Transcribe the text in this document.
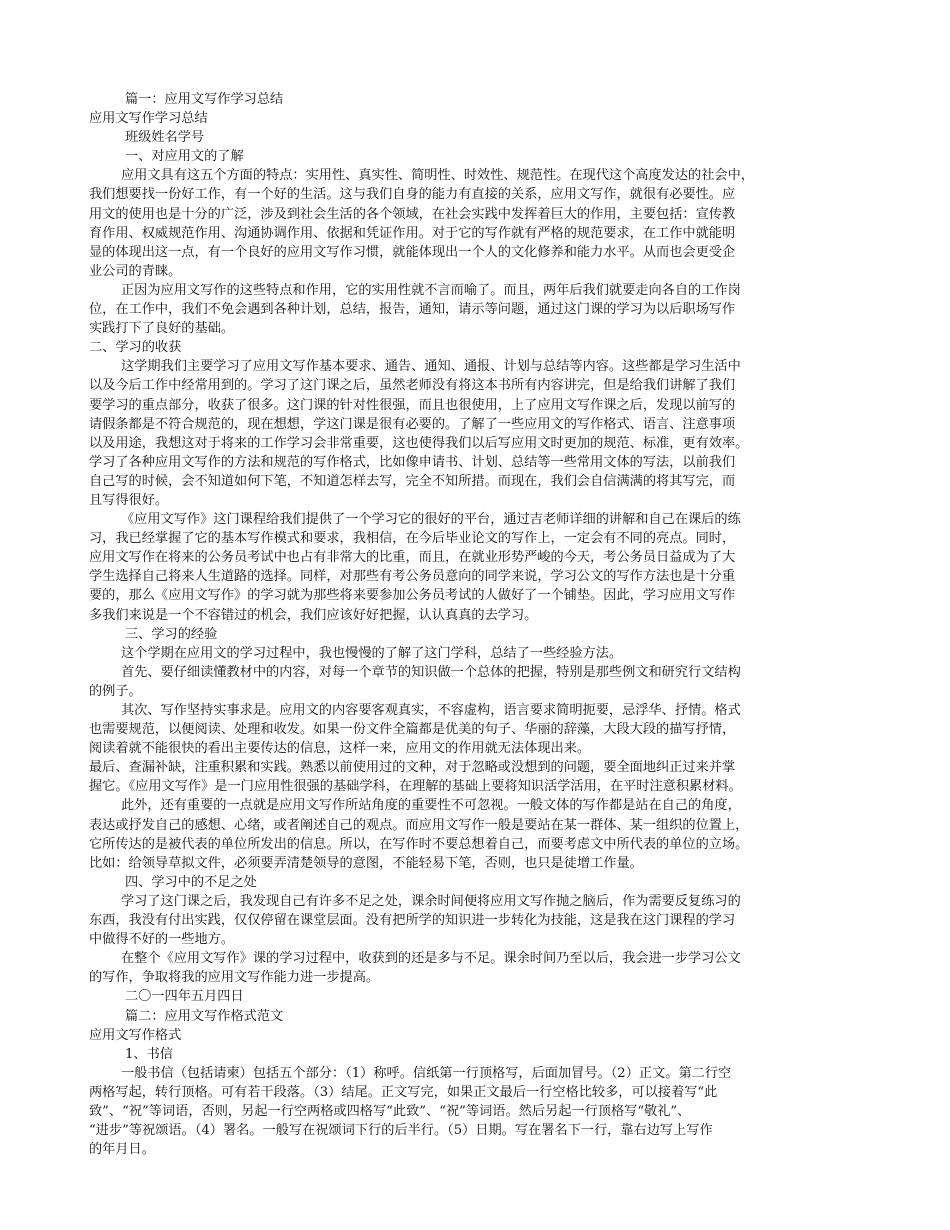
篇一：应用文写作学习总结
应用文写作学习总结
班级姓名学号
一、对应用文的了解
应用文具有这五个方面的特点：实用性、真实性、简明性、时效性、规范性。在现代这个高度发达的社会中，
我们想要找一份好工作，有一个好的生活。这与我们自身的能力有直接的关系，应用文写作，就很有必要性。应
用文的使用也是十分的广泛，涉及到社会生活的各个领域，在社会实践中发挥着巨大的作用，主要包括：宣传教
育作用、权威规范作用、沟通协调作用、依据和凭证作用。对于它的写作就有严格的规范要求，在工作中就能明
显的体现出这一点，有一个良好的应用文写作习惯，就能体现出一个人的文化修养和能力水平。从而也会更受企
业公司的青睐。
正因为应用文写作的这些特点和作用，它的实用性就不言而喻了。而且，两年后我们就要走向各自的工作岗
位，在工作中，我们不免会遇到各种计划，总结，报告，通知，请示等问题，通过这门课的学习为以后职场写作
实践打下了良好的基础。
二、学习的收获
这学期我们主要学习了应用文写作基本要求、通告、通知、通报、计划与总结等内容。这些都是学习生活中
以及今后工作中经常用到的。学习了这门课之后，虽然老师没有将这本书所有内容讲完，但是给我们讲解了我们
要学习的重点部分，收获了很多。这门课的针对性很强，而且也很使用，上了应用文写作课之后，发现以前写的
请假条都是不符合规范的，现在想想，学这门课是很有必要的。了解了一些应用文的写作格式、语言、注意事项
以及用途，我想这对于将来的工作学习会非常重要，这也使得我们以后写应用文时更加的规范、标准，更有效率。
学习了各种应用文写作的方法和规范的写作格式，比如像申请书、计划、总结等一些常用文体的写法，以前我们
自己写的时候，会不知道如何下笔，不知道怎样去写，完全不知所措。而现在，我们会自信满满的将其写完，而
且写得很好。
《应用文写作》这门课程给我们提供了一个学习它的很好的平台，通过吉老师详细的讲解和自己在课后的练
习，我已经掌握了它的基本写作模式和要求，我相信，在今后毕业论文的写作上，一定会有不同的亮点。同时，
应用文写作在将来的公务员考试中也占有非常大的比重，而且，在就业形势严峻的今天，考公务员日益成为了大
学生选择自己将来人生道路的选择。同样，对那些有考公务员意向的同学来说，学习公文的写作方法也是十分重
要的，那么《应用文写作》的学习就为那些将来要参加公务员考试的人做好了一个铺垫。因此，学习应用文写作
多我们来说是一个不容错过的机会，我们应该好好把握，认认真真的去学习。
三、学习的经验
这个学期在应用文的学习过程中，我也慢慢的了解了这门学科，总结了一些经验方法。
首先、要仔细读懂教材中的内容，对每一个章节的知识做一个总体的把握，特别是那些例文和研究行文结构
的例子。
其次、写作坚持实事求是。应用文的内容要客观真实，不容虚构，语言要求简明扼要，忌浮华、抒情。格式
也需要规范，以便阅读、处理和收发。如果一份文件全篇都是优美的句子、华丽的辞藻，大段大段的描写抒情，
阅读着就不能很快的看出主要传达的信息，这样一来，应用文的作用就无法体现出来。
最后、查漏补缺，注重积累和实践。熟悉以前使用过的文种，对于忽略或没想到的问题，要全面地纠正过来并掌
握它。《应用文写作》是一门应用性很强的基础学科，在理解的基础上要将知识活学活用，在平时注意积累材料。
此外，还有重要的一点就是应用文写作所站角度的重要性不可忽视。一般文体的写作都是站在自己的角度，
表达或抒发自己的感想、心绪，或者阐述自己的观点。而应用文写作一般是要站在某一群体、某一组织的位置上，
它所传达的是被代表的单位所发出的信息。所以，在写作时不要总想着自己，而要考虑文中所代表的单位的立场。
比如：给领导草拟文件，必须要弄清楚领导的意图，不能轻易下笔，否则，也只是徒增工作量。
四、学习中的不足之处
学习了这门课之后，我发现自己有许多不足之处，课余时间便将应用文写作抛之脑后，作为需要反复练习的
东西，我没有付出实践，仅仅停留在课堂层面。没有把所学的知识进一步转化为技能，这是我在这门课程的学习
中做得不好的一些地方。
在整个《应用文写作》课的学习过程中，收获到的还是多与不足。课余时间乃至以后，我会进一步学习公文
的写作，争取将我的应用文写作能力进一步提高。
二〇一四年五月四日
篇二：应用文写作格式范文
应用文写作格式
1、书信
一般书信（包括请柬）包括五个部分：（1）称呼。信纸第一行顶格写，后面加冒号。（2）正文。第二行空
两格写起，转行顶格。可有若干段落。（3）结尾。正文写完，如果正文最后一行空格比较多，可以接着写“此
致”、“祝”等词语，否则，另起一行空两格或四格写“此致”、“祝”等词语。然后另起一行顶格写“敬礼”、
“进步”等祝颂语。（4）署名。一般写在祝颂词下行的后半行。（5）日期。写在署名下一行，靠右边写上写作
的年月日。
